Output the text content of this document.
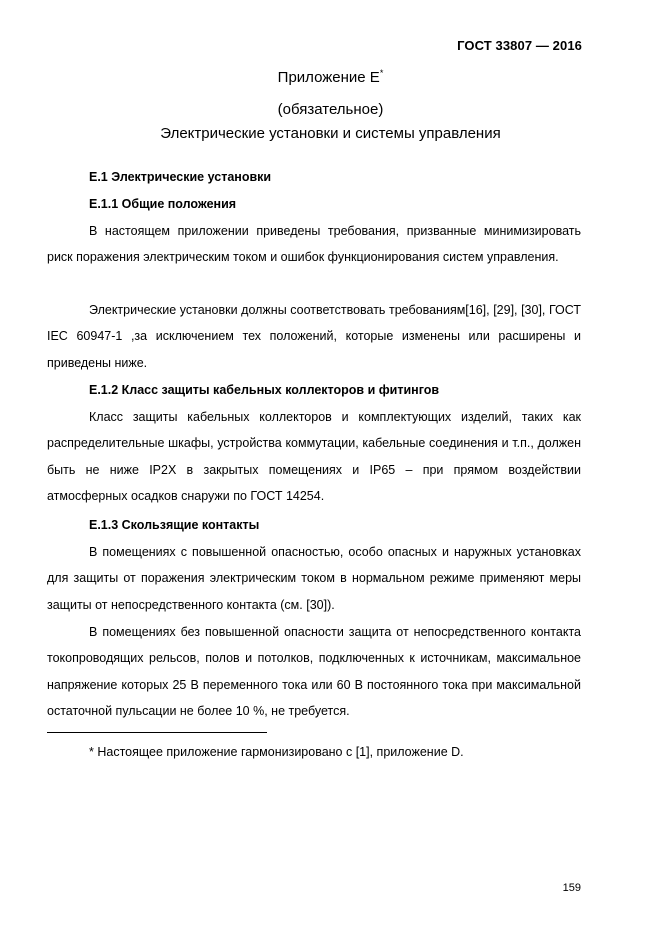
ГОСТ 33807 — 2016
Приложение Е*
(обязательное)
Электрические установки и системы управления
Е.1 Электрические установки
Е.1.1 Общие положения
В настоящем приложении приведены требования, призванные минимизировать риск поражения электрическим током и ошибок функционирования систем управления.
Электрические установки должны соответствовать требованиям[16], [29], [30], ГОСТ IEC 60947-1 ,за исключением тех положений, которые изменены или расширены и приведены ниже.
Е.1.2 Класс защиты кабельных коллекторов и фитингов
Класс защиты кабельных коллекторов и комплектующих изделий, таких как распределительные шкафы, устройства коммутации, кабельные соединения и т.п., должен быть не ниже IP2X в закрытых помещениях и IP65 – при прямом воздействии атмосферных осадков снаружи по ГОСТ 14254.
Е.1.3 Скользящие контакты
В помещениях с повышенной опасностью, особо опасных и наружных установках для защиты от поражения электрическим током в нормальном режиме применяют меры защиты от непосредственного контакта (см. [30]).
В помещениях без повышенной опасности защита от непосредственного контакта токопроводящих рельсов, полов и потолков, подключенных к источникам, максимальное напряжение которых 25 В переменного тока или 60 В постоянного тока при максимальной остаточной пульсации не более 10 %, не требуется.
* Настоящее приложение гармонизировано с [1], приложение D.
159
